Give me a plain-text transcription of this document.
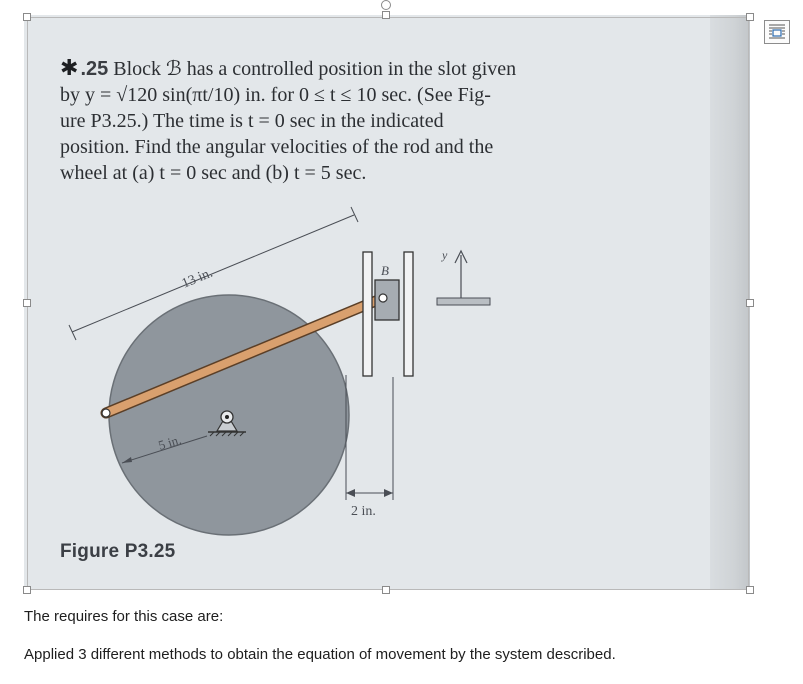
✱ .25 Block ℬ has a controlled position in the slot given
by y = √120 sin(πt/10) in. for 0 ≤ t ≤ 10 sec. (See Fig-
ure P3.25.) The time is t = 0 sec in the indicated
position. Find the angular velocities of the rod and the
wheel at (a) t = 0 sec and (b) t = 5 sec.
5 in.
13 in.	B
y
2 in.
Figure P3.25
The requires for this case are:
Applied 3 different methods to obtain the equation of movement by the system described.
